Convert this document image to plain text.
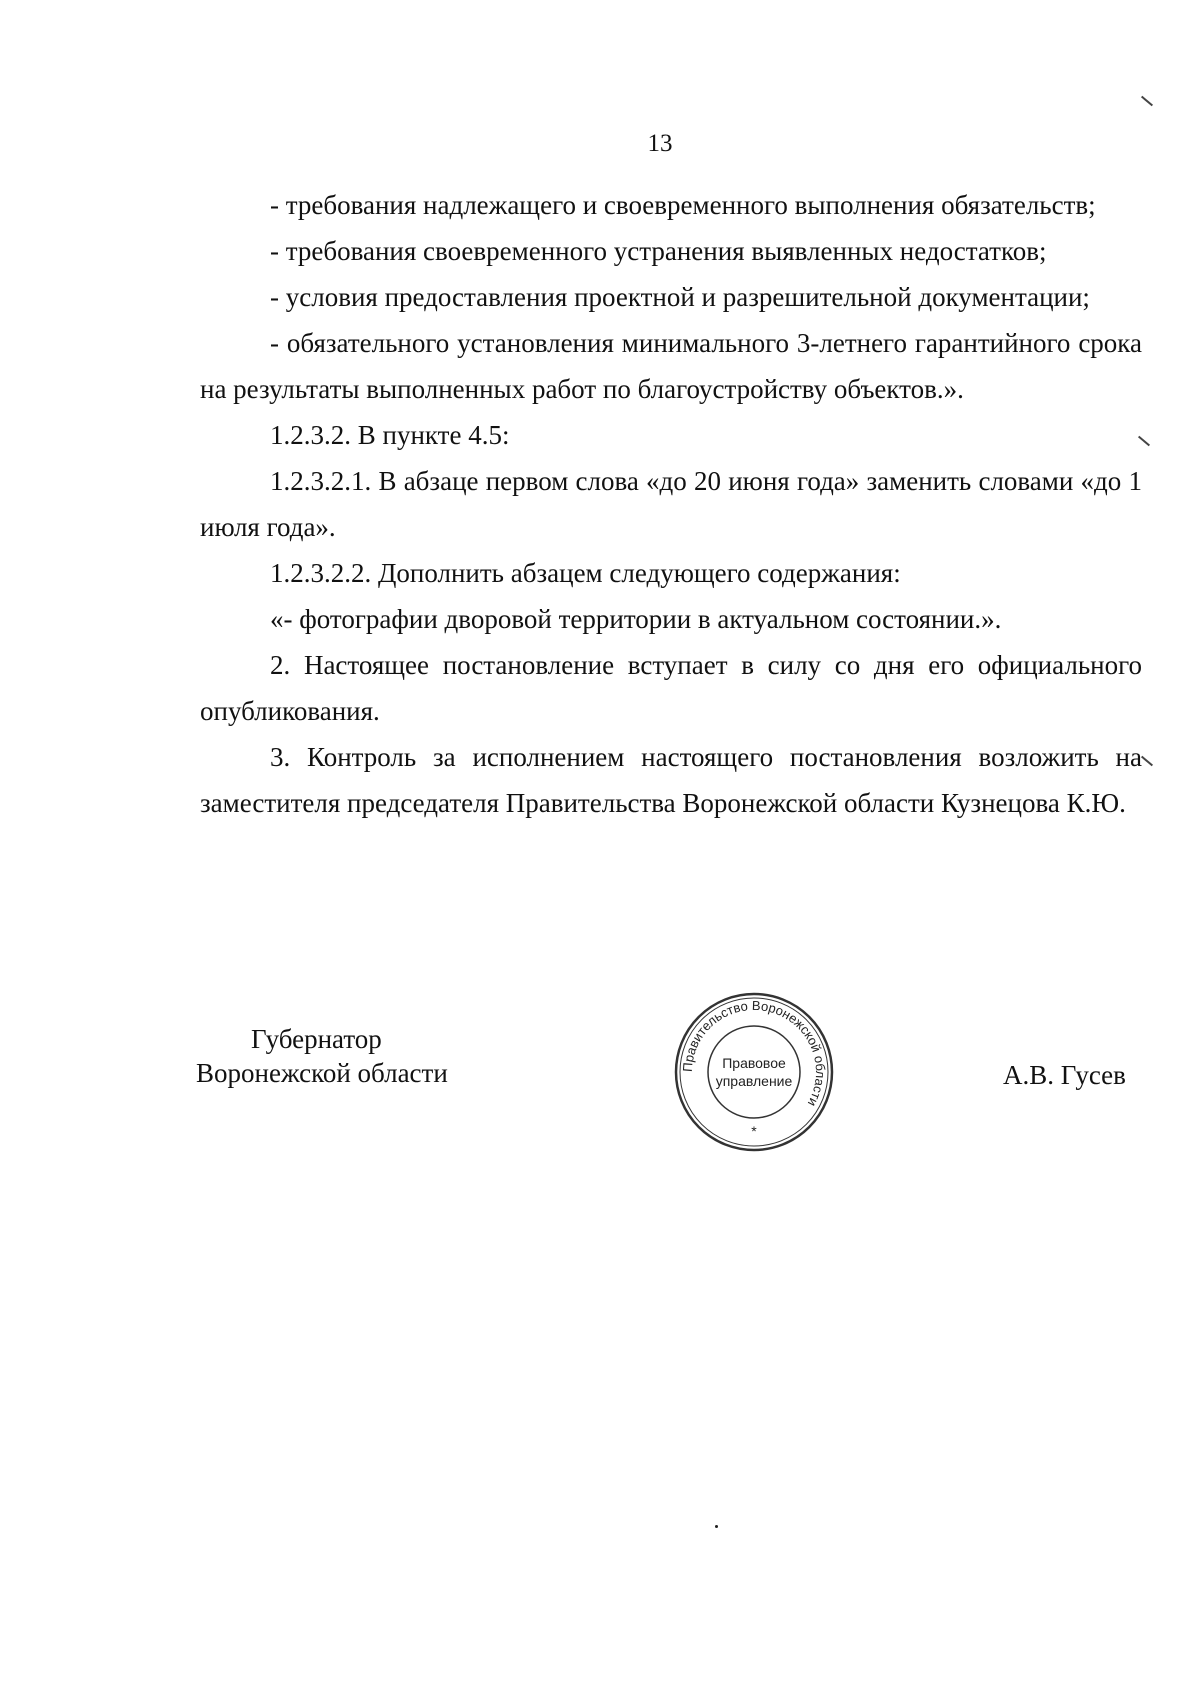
13

- требования надлежащего и своевременного выполнения обязательств;

- требования своевременного устранения выявленных недостатков;

- условия предоставления проектной и разрешительной документации;

- обязательного установления минимального 3-летнего гарантийного срока на результаты выполненных работ по благоустройству объектов.».

1.2.3.2. В пункте 4.5:

1.2.3.2.1. В абзаце первом слова «до 20 июня года» заменить словами «до 1 июля года».

1.2.3.2.2. Дополнить абзацем следующего содержания:

«- фотографии дворовой территории в актуальном состоянии.».

2. Настоящее постановление вступает в силу со дня его официального опубликования.

3. Контроль за исполнением настоящего постановления возложить на заместителя председателя Правительства Воронежской области Кузнецова К.Ю.

Губернатор
Воронежской области	Правительство Воронежской области
Правовое
управление
*
А.В. Гусев
